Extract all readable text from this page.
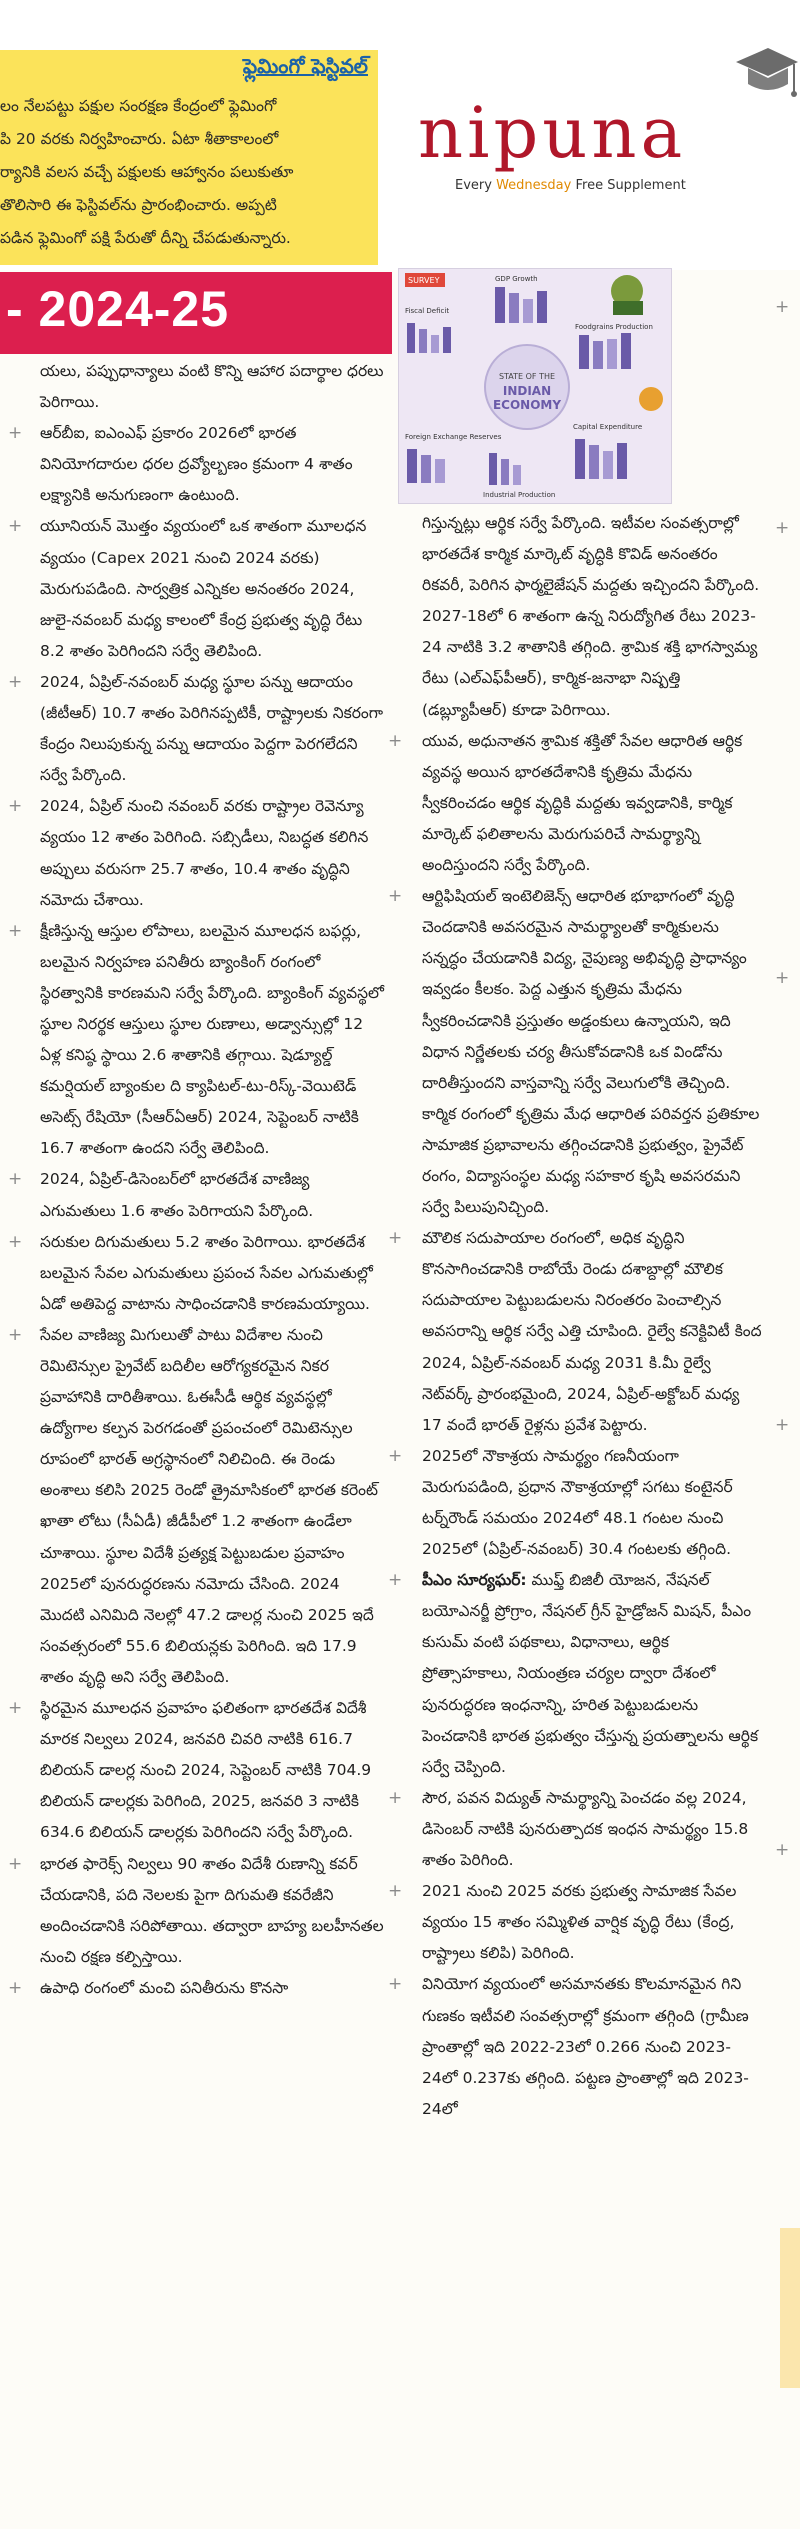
ఫ్లెమింగో ఫెస్టివల్
లం నేలపట్టు పక్షుల సంరక్షణ కేంద్రంలో ఫ్లెమింగో
పి 20 వరకు నిర్వహించారు. ఏటా శీతాకాలంలో
ర్యానికి వలస వచ్చే పక్షులకు ఆహ్వానం పలుకుతూ
తొలిసారి ఈ ఫెస్టివల్‌ను ప్రారంభించారు. అప్పటి
పడిన ఫ్లెమింగో పక్షి పేరుతో దీన్ని చేపడుతున్నారు.
nipuna
Every Wednesday Free Supplement
- 2024-25
SURVEY	GDP Growth
Fiscal Deficit
Foodgrains Production
STATE OF THE
INDIAN
ECONOMY
Foreign Exchange Reserves
Capital Expenditure
Industrial Production

యలు, పప్పుధాన్యాలు వంటి కొన్ని ఆహార పదార్థాల ధరలు పెరిగాయి.

+ ఆర్‌బీఐ, ఐఎంఎఫ్ ప్రకారం 2026లో భారత వినియోగదారుల ధరల ద్రవ్యోల్బణం క్రమంగా 4 శాతం లక్ష్యానికి అనుగుణంగా ఉంటుంది.

+ యూనియన్ మొత్తం వ్యయంలో ఒక శాతంగా మూలధన వ్యయం (Capex 2021 నుంచి 2024 వరకు) మెరుగుపడింది. సార్వత్రిక ఎన్నికల అనంతరం 2024, జులై-నవంబర్ మధ్య కాలంలో కేంద్ర ప్రభుత్వ వృద్ధి రేటు 8.2 శాతం పెరిగిందని సర్వే తెలిపింది.

+ 2024, ఏప్రిల్-నవంబర్ మధ్య స్థూల పన్ను ఆదాయం (జీటీఆర్) 10.7 శాతం పెరిగినప్పటికీ, రాష్ట్రాలకు నికరంగా కేంద్రం నిలుపుకున్న పన్ను ఆదాయం పెద్దగా పెరగలేదని సర్వే పేర్కొంది.

+ 2024, ఏప్రిల్ నుంచి నవంబర్ వరకు రాష్ట్రాల రెవెన్యూ వ్యయం 12 శాతం పెరిగింది. సబ్సిడీలు, నిబద్ధత కలిగిన అప్పులు వరుసగా 25.7 శాతం, 10.4 శాతం వృద్ధిని నమోదు చేశాయి.

+ క్షీణిస్తున్న ఆస్తుల లోపాలు, బలమైన మూలధన బఫర్లు, బలమైన నిర్వహణ పనితీరు బ్యాంకింగ్ రంగంలో స్థిరత్వానికి కారణమని సర్వే పేర్కొంది. బ్యాంకింగ్ వ్యవస్థలో స్థూల నిరర్థక ఆస్తులు స్థూల రుణాలు, అడ్వాన్సుల్లో 12 ఏళ్ల కనిష్ఠ స్థాయి 2.6 శాతానికి తగ్గాయి. షెడ్యూల్డ్ కమర్షియల్ బ్యాంకుల ది క్యాపిటల్-టు-రిస్క్-వెయిటెడ్ అసెట్స్ రేషియో (సీఆర్ఏఆర్) 2024, సెప్టెంబర్ నాటికి 16.7 శాతంగా ఉందని సర్వే తెలిపింది.

+ 2024, ఏప్రిల్-డిసెంబర్‌లో భారతదేశ వాణిజ్య ఎగుమతులు 1.6 శాతం పెరిగాయని పేర్కొంది.

+ సరుకుల దిగుమతులు 5.2 శాతం పెరిగాయి. భారతదేశ బలమైన సేవల ఎగుమతులు ప్రపంచ సేవల ఎగుమతుల్లో ఏడో అతిపెద్ద వాటాను సాధించడానికి కారణమయ్యాయి.

+ సేవల వాణిజ్య మిగులుతో పాటు విదేశాల నుంచి రెమిటెన్సుల ప్రైవేట్ బదిలీల ఆరోగ్యకరమైన నికర ప్రవాహానికి దారితీశాయి. ఓఈసీడీ ఆర్థిక వ్యవస్థల్లో ఉద్యోగాల కల్పన పెరగడంతో ప్రపంచంలో రెమిటెన్సుల రూపంలో భారత్ అగ్రస్థానంలో నిలిచింది. ఈ రెండు అంశాలు కలిసి 2025 రెండో త్రైమాసికంలో భారత కరెంట్ ఖాతా లోటు (సీఏడీ) జీడీపీలో 1.2 శాతంగా ఉండేలా చూశాయి. స్థూల విదేశీ ప్రత్యక్ష పెట్టుబడుల ప్రవాహం 2025లో పునరుద్ధరణను నమోదు చేసింది. 2024 మొదటి ఎనిమిది నెలల్లో 47.2 డాలర్ల నుంచి 2025 ఇదే సంవత్సరంలో 55.6 బిలియన్లకు పెరిగింది. ఇది 17.9 శాతం వృద్ధి అని సర్వే తెలిపింది.

+ స్థిరమైన మూలధన ప్రవాహం ఫలితంగా భారతదేశ విదేశీ మారక నిల్వలు 2024, జనవరి చివరి నాటికి 616.7 బిలియన్ డాలర్ల నుంచి 2024, సెప్టెంబర్ నాటికి 704.9 బిలియన్ డాలర్లకు పెరిగింది, 2025, జనవరి 3 నాటికి 634.6 బిలియన్ డాలర్లకు పెరిగిందని సర్వే పేర్కొంది.

+ భారత ఫారెక్స్ నిల్వలు 90 శాతం విదేశీ రుణాన్ని కవర్ చేయడానికి, పది నెలలకు పైగా దిగుమతి కవరేజీని అందించడానికి సరిపోతాయి. తద్వారా బాహ్య బలహీనతల నుంచి రక్షణ కల్పిస్తాయి.

+ ఉపాధి రంగంలో మంచి పనితీరును కొనసా

గిస్తున్నట్లు ఆర్థిక సర్వే పేర్కొంది. ఇటీవల సంవత్సరాల్లో భారతదేశ కార్మిక మార్కెట్ వృద్ధికి కొవిడ్ అనంతరం రికవరీ, పెరిగిన ఫార్మలైజేషన్ మద్దతు ఇచ్చిందని పేర్కొంది. 2027-18లో 6 శాతంగా ఉన్న నిరుద్యోగిత రేటు 2023-24 నాటికి 3.2 శాతానికి తగ్గింది. శ్రామిక శక్తి భాగస్వామ్య రేటు (ఎల్ఎఫ్‌పీఆర్), కార్మిక-జనాభా నిష్పత్తి (డబ్ల్యూపీఆర్) కూడా పెరిగాయి.

+ యువ, అధునాతన శ్రామిక శక్తితో సేవల ఆధారిత ఆర్థిక వ్యవస్థ అయిన భారతదేశానికి కృత్రిమ మేధను స్వీకరించడం ఆర్థిక వృద్ధికి మద్దతు ఇవ్వడానికి, కార్మిక మార్కెట్ ఫలితాలను మెరుగుపరిచే సామర్థ్యాన్ని అందిస్తుందని సర్వే పేర్కొంది.

+ ఆర్టిఫిషియల్ ఇంటెలిజెన్స్ ఆధారిత భూభాగంలో వృద్ధి చెందడానికి అవసరమైన సామర్థ్యాలతో కార్మికులను సన్నద్ధం చేయడానికి విద్య, నైపుణ్య అభివృద్ధి ప్రాధాన్యం ఇవ్వడం కీలకం. పెద్ద ఎత్తున కృత్రిమ మేధను స్వీకరించడానికి ప్రస్తుతం అడ్డంకులు ఉన్నాయని, ఇది విధాన నిర్ణేతలకు చర్య తీసుకోవడానికి ఒక విండోను దారితీస్తుందని వాస్తవాన్ని సర్వే వెలుగులోకి తెచ్చింది. కార్మిక రంగంలో కృత్రిమ మేధ ఆధారిత పరివర్తన ప్రతికూల సామాజిక ప్రభావాలను తగ్గించడానికి ప్రభుత్వం, ప్రైవేట్ రంగం, విద్యాసంస్థల మధ్య సహకార కృషి అవసరమని సర్వే పిలుపునిచ్చింది.

+ మౌలిక సదుపాయాల రంగంలో, అధిక వృద్ధిని కొనసాగించడానికి రాబోయే రెండు దశాబ్దాల్లో మౌలిక సదుపాయాల పెట్టుబడులను నిరంతరం పెంచాల్సిన అవసరాన్ని ఆర్థిక సర్వే ఎత్తి చూపింది. రైల్వే కనెక్టివిటీ కింద 2024, ఏప్రిల్-నవంబర్ మధ్య 2031 కి.మీ రైల్వే నెట్‌వర్క్ ప్రారంభమైంది, 2024, ఏప్రిల్-అక్టోబర్ మధ్య 17 వందే భారత్ రైళ్లను ప్రవేశ పెట్టారు.

+ 2025లో నౌకాశ్రయ సామర్థ్యం గణనీయంగా మెరుగుపడింది, ప్రధాన నౌకాశ్రయాల్లో సగటు కంటైనర్ టర్న్‌రౌండ్ సమయం 2024లో 48.1 గంటల నుంచి 2025లో (ఏప్రిల్-నవంబర్) 30.4 గంటలకు తగ్గింది.

+ పీఎం సూర్యఘర్: ముఫ్త్ బిజిలీ యోజన, నేషనల్ బయోఎనర్జీ ప్రోగ్రాం, నేషనల్ గ్రీన్ హైడ్రోజన్ మిషన్, పీఎం కుసుమ్ వంటి పథకాలు, విధానాలు, ఆర్థిక ప్రోత్సాహకాలు, నియంత్రణ చర్యల ద్వారా దేశంలో పునరుద్ధరణ ఇంధనాన్ని, హరిత పెట్టుబడులను పెంచడానికి భారత ప్రభుత్వం చేస్తున్న ప్రయత్నాలను ఆర్థిక సర్వే చెప్పింది.

+ సౌర, పవన విద్యుత్ సామర్థ్యాన్ని పెంచడం వల్ల 2024, డిసెంబర్ నాటికి పునరుత్పాదక ఇంధన సామర్థ్యం 15.8 శాతం పెరిగింది.

+ 2021 నుంచి 2025 వరకు ప్రభుత్వ సామాజిక సేవల వ్యయం 15 శాతం సమ్మిళిత వార్షిక వృద్ధి రేటు (కేంద్ర, రాష్ట్రాలు కలిపి) పెరిగింది.

+ వినియోగ వ్యయంలో అసమానతకు కొలమానమైన గిని గుణకం ఇటీవలి సంవత్సరాల్లో క్రమంగా తగ్గింది (గ్రామీణ ప్రాంతాల్లో ఇది 2022-23లో 0.266 నుంచి 2023-24లో 0.237కు తగ్గింది. పట్టణ ప్రాంతాల్లో ఇది 2023-24లో

+
+
+
+
+
